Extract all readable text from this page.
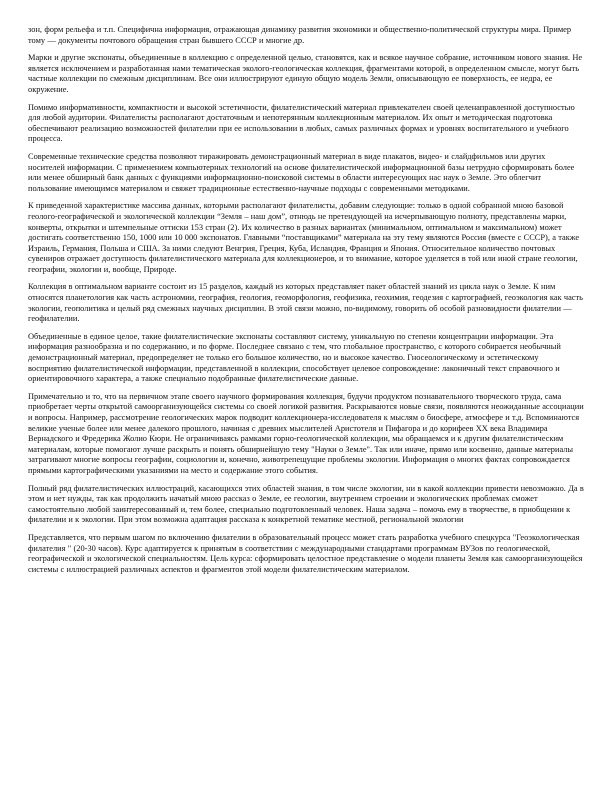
зон, форм рельефа и т.п. Специфична информация, отражающая динамику развития экономики и общественно-политической структуры мира. Пример тому — документы почтового обращения стран бывшего СССР и многие др.

Марки и другие экспонаты, объединенные в коллекцию с определенной целью, становятся, как и всякое научное собрание, источником нового знания. Не является исключением и разработанная нами тематическая эколого-геологическая коллекция, фрагментами которой, в определенном смысле, могут быть частные коллекции по смежным дисциплинам. Все они иллюстрируют единую общую модель Земли, описывающую ее поверхность, ее недра, ее окружение.

Помимо информативности, компактности и высокой эстетичности, филателистический материал привлекателен своей целенаправленной доступностью для любой аудитории. Филателисты располагают достаточным и непотерянным коллекционным материалом. Их опыт и методическая подготовка обеспечивают реализацию возможностей филателии при ее использовании в любых, самых различных формах и уровнях воспитательного и учебного процесса.

Современные технические средства позволяют тиражировать демонстрационный материал в виде плакатов, видео- и слайдфильмов или других носителей информации. С применением компьютерных технологий на основе филателистической информационной базы нетрудно сформировать более или менее обширный банк данных с функциями информационно-поисковой системы в области интересующих нас наук о Земле. Это облегчит пользование имеющимся материалом и свяжет традиционные естественно-научные подходы с современными методиками.

К приведенной характеристике массива данных, которыми располагают филателисты, добавим следующие: только в одной собранной мною базовой геолого-географической и экологической коллекции “Земля – наш дом”, отнюдь не претендующей на исчерпывающую полноту, представлены марки, конверты, открытки и штемпельные оттиски 153 стран (2). Их количество в разных вариантах (минимальном, оптимальном и максимальном) может достигать соответственно 150, 1000 или 10 000 экспонатов. Главными “поставщиками” материала на эту тему являются Россия (вместе с СССР), а также Израиль, Германия, Польша и США. За ними следуют Венгрия, Греция, Куба, Исландия, Франция и Япония. Относительное количество почтовых сувениров отражает доступность филателистического материала для коллекционеров, и то внимание, которое уделяется в той или иной стране геологии, географии, экологии и, вообще, Природе.

Коллекция в оптимальном варианте состоит из 15 разделов, каждый из которых представляет пакет областей знаний из цикла наук о Земле. К ним относятся планетология как часть астрономии, география, геология, геоморфология, геофизика, геохимия, геодезия с картографией, геоэкология как часть экологии, геополитика и целый ряд смежных научных дисциплин. В этой связи можно, по-видимому, говорить об особой разновидности филателии — геофилателии.

Объединенные в единое целое, такие филателистические экспонаты составляют систему, уникальную по степени концентрации информации. Эта информация разнообразна и по содержанию, и по форме. Последнее связано с тем, что глобальное пространство, с которого собирается необычный демонстрационный материал, предопределяет не только его большое количество, но и высокое качество. Гносеологическому и эстетическому восприятию филателистической информации, представленной в коллекции, способствует целевое сопровождение: лаконичный текст справочного и ориентировочного характера, а также специально подобранные филателистические данные.

Примечательно и то, что на первичном этапе своего научного формирования коллекция, будучи продуктом познавательного творческого труда, сама приобретает черты открытой самоорганизующейся системы со своей логикой развития. Раскрываются новые связи, появляются неожиданные ассоциации и вопросы. Например, рассмотрение геологических марок подводит коллекционера-исследователя к мыслям о биосфере, атмосфере и т.д. Вспоминаются великие ученые более или менее далекого прошлого, начиная с древних мыслителей Аристотеля и Пифагора и до корифеев XX века Владимира Вернадского и Фредерика Жолио Кюри. Не ограничиваясь рамками горно-геологической коллекции, мы обращаемся и к другим филателистическим материалам, которые помогают лучше раскрыть и понять обширнейшую тему "Науки о Земле". Так или иначе, прямо или косвенно, данные материалы затрагивают многие вопросы географии, социологии и, конечно, животрепещущие проблемы экологии. Информация о многих фактах сопровождается прямыми картографическими указаниями на место и содержание этого события.

Полный ряд филателистических иллюстраций, касающихся этих областей знания, в том числе экологии, ни в какой коллекции привести невозможно. Да в этом и нет нужды, так как продолжить начатый мною рассказ о Земле, ее геологии, внутреннем строении и экологических проблемах сможет самостоятельно любой заинтересованный и, тем более, специально подготовленный человек. Наша задача – помочь ему в творчестве, в приобщении к филателии и к экологии. При этом возможна адаптация рассказа к конкретной тематике местной, региональной экологии

Представляется, что первым шагом по включению филателии в образовательный процесс может стать разработка учебного спецкурса "Геоэкологическая филателия " (20-30 часов). Курс адаптируется к принятым в соответствии с международными стандартами программам ВУЗов по геологической, географической и экологической специальностям. Цель курса: сформировать целостное представление о модели планеты Земля как самоорганизующейся системы с иллюстрацией различных аспектов и фрагментов этой модели филателистическим материалом.
